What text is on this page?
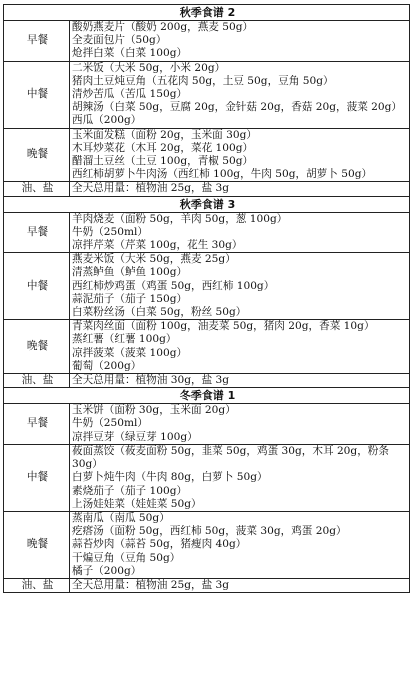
秋季食谱 2	
早餐	酸奶燕麦片（酸奶 200g，燕麦 50g）
全麦面包片（50g）
炝拌白菜（白菜 100g）

中餐	二米饭（大米 50g，小米 20g）
猪肉土豆炖豆角（五花肉 50g，土豆 50g，豆角 50g）
清炒苦瓜（苦瓜 150g）
胡辣汤（白菜 50g，豆腐 20g，金针菇 20g，香菇 20g，菠菜 20g）
西瓜（200g）

晚餐	玉米面发糕（面粉 20g，玉米面 30g）
木耳炒菜花（木耳 20g，菜花 100g）
醋溜土豆丝（土豆 100g，青椒 50g）
西红柿胡萝卜牛肉汤（西红柿 100g，牛肉 50g，胡萝卜 50g）

油、盐	全天总用量：植物油 25g，盐 3g

秋季食谱 3	
早餐	羊肉烧麦（面粉 50g，羊肉 50g，葱 100g）
牛奶（250ml）
凉拌芹菜（芹菜 100g，花生 30g）

中餐	燕麦米饭（大米 50g，燕麦 25g）
清蒸鲈鱼（鲈鱼 100g）
西红柿炒鸡蛋（鸡蛋 50g，西红柿 100g）
蒜泥茄子（茄子 150g）
白菜粉丝汤（白菜 50g，粉丝 50g）

晚餐	青菜肉丝面（面粉 100g，油麦菜 50g，猪肉 20g，香菜 10g）
蒸红薯（红薯 100g）
凉拌菠菜（菠菜 100g）
葡萄（200g）

油、盐	全天总用量：植物油 30g，盐 3g

冬季食谱 1	
早餐	玉米饼（面粉 30g，玉米面 20g）
牛奶（250ml）
凉拌豆芽（绿豆芽 100g）

中餐	莜面蒸饺（莜麦面粉 50g，韭菜 50g，鸡蛋 30g，木耳 20g，粉条 30g）
白萝卜炖牛肉（牛肉 80g，白萝卜 50g）
素烧茄子（茄子 100g）
上汤娃娃菜（娃娃菜 50g）

晚餐	蒸南瓜（南瓜 50g）
疙瘩汤（面粉 50g，西红柿 50g，菠菜 30g，鸡蛋 20g）
蒜苔炒肉（蒜苔 50g，猪瘦肉 40g）
干煸豆角（豆角 50g）
橘子（200g）

油、盐	全天总用量：植物油 25g，盐 3g
